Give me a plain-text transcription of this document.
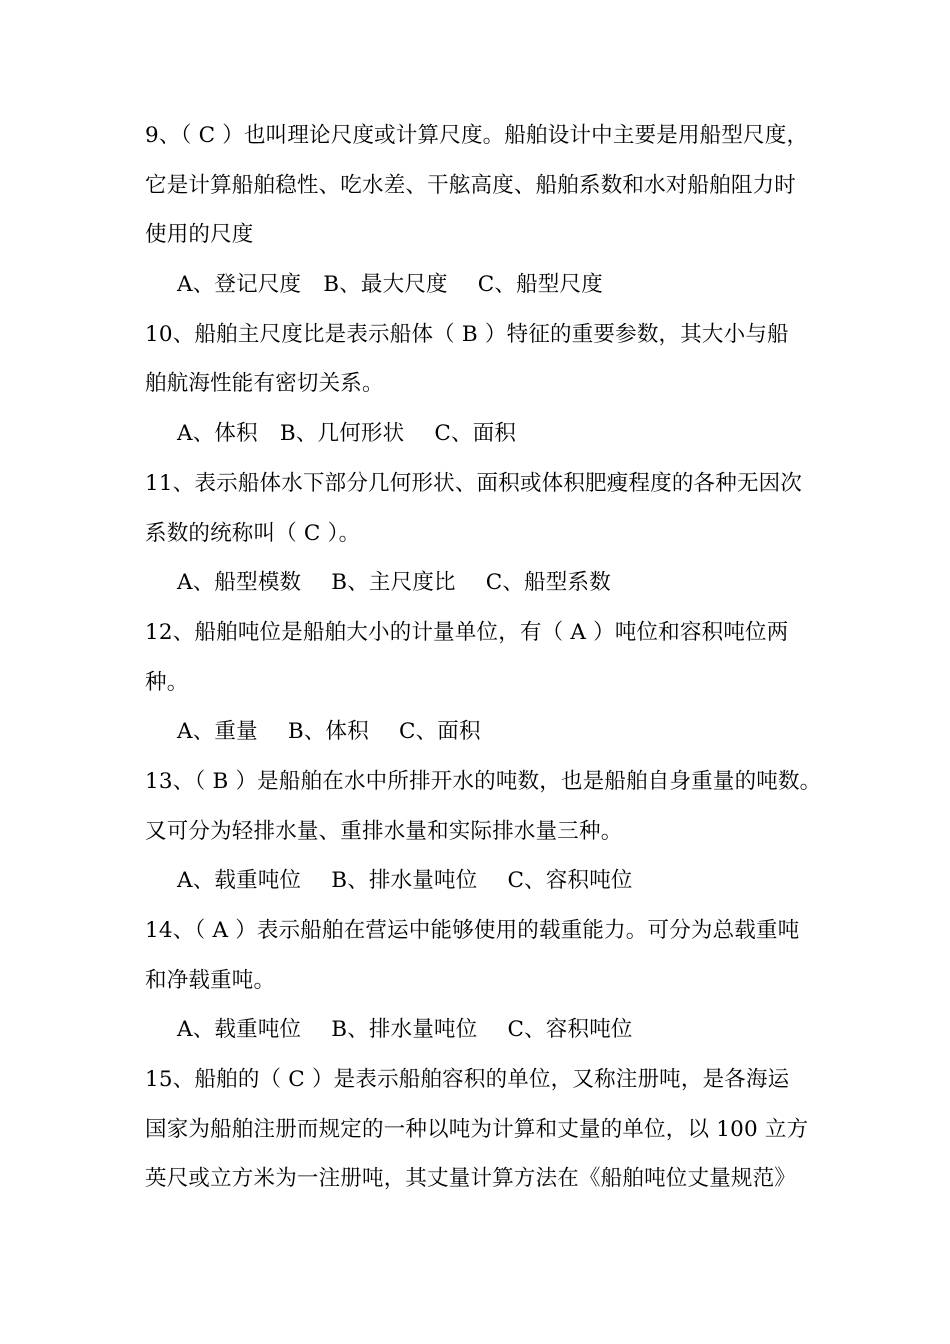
9、（ C ）也叫理论尺度或计算尺度。船舶设计中主要是用船型尺度，
它是计算船舶稳性、吃水差、干舷高度、船舶系数和水对船舶阻力时
使用的尺度
A、登记尺度 B、最大尺度 C、船型尺度
10、船舶主尺度比是表示船体（ B ）特征的重要参数，其大小与船
舶航海性能有密切关系。
A、体积 B、几何形状 C、面积
11、表示船体水下部分几何形状、面积或体积肥瘦程度的各种无因次
系数的统称叫（ C ）。
A、船型模数 B、主尺度比 C、船型系数
12、船舶吨位是船舶大小的计量单位，有（ A ）吨位和容积吨位两
种。
A、重量 B、体积 C、面积
13、（ B ）是船舶在水中所排开水的吨数，也是船舶自身重量的吨数。
又可分为轻排水量、重排水量和实际排水量三种。
A、载重吨位 B、排水量吨位 C、容积吨位
14、（ A ）表示船舶在营运中能够使用的载重能力。可分为总载重吨
和净载重吨。
A、载重吨位 B、排水量吨位 C、容积吨位
15、船舶的（ C ）是表示船舶容积的单位，又称注册吨，是各海运
国家为船舶注册而规定的一种以吨为计算和丈量的单位，以 100 立方
英尺或立方米为一注册吨，其丈量计算方法在《船舶吨位丈量规范》
